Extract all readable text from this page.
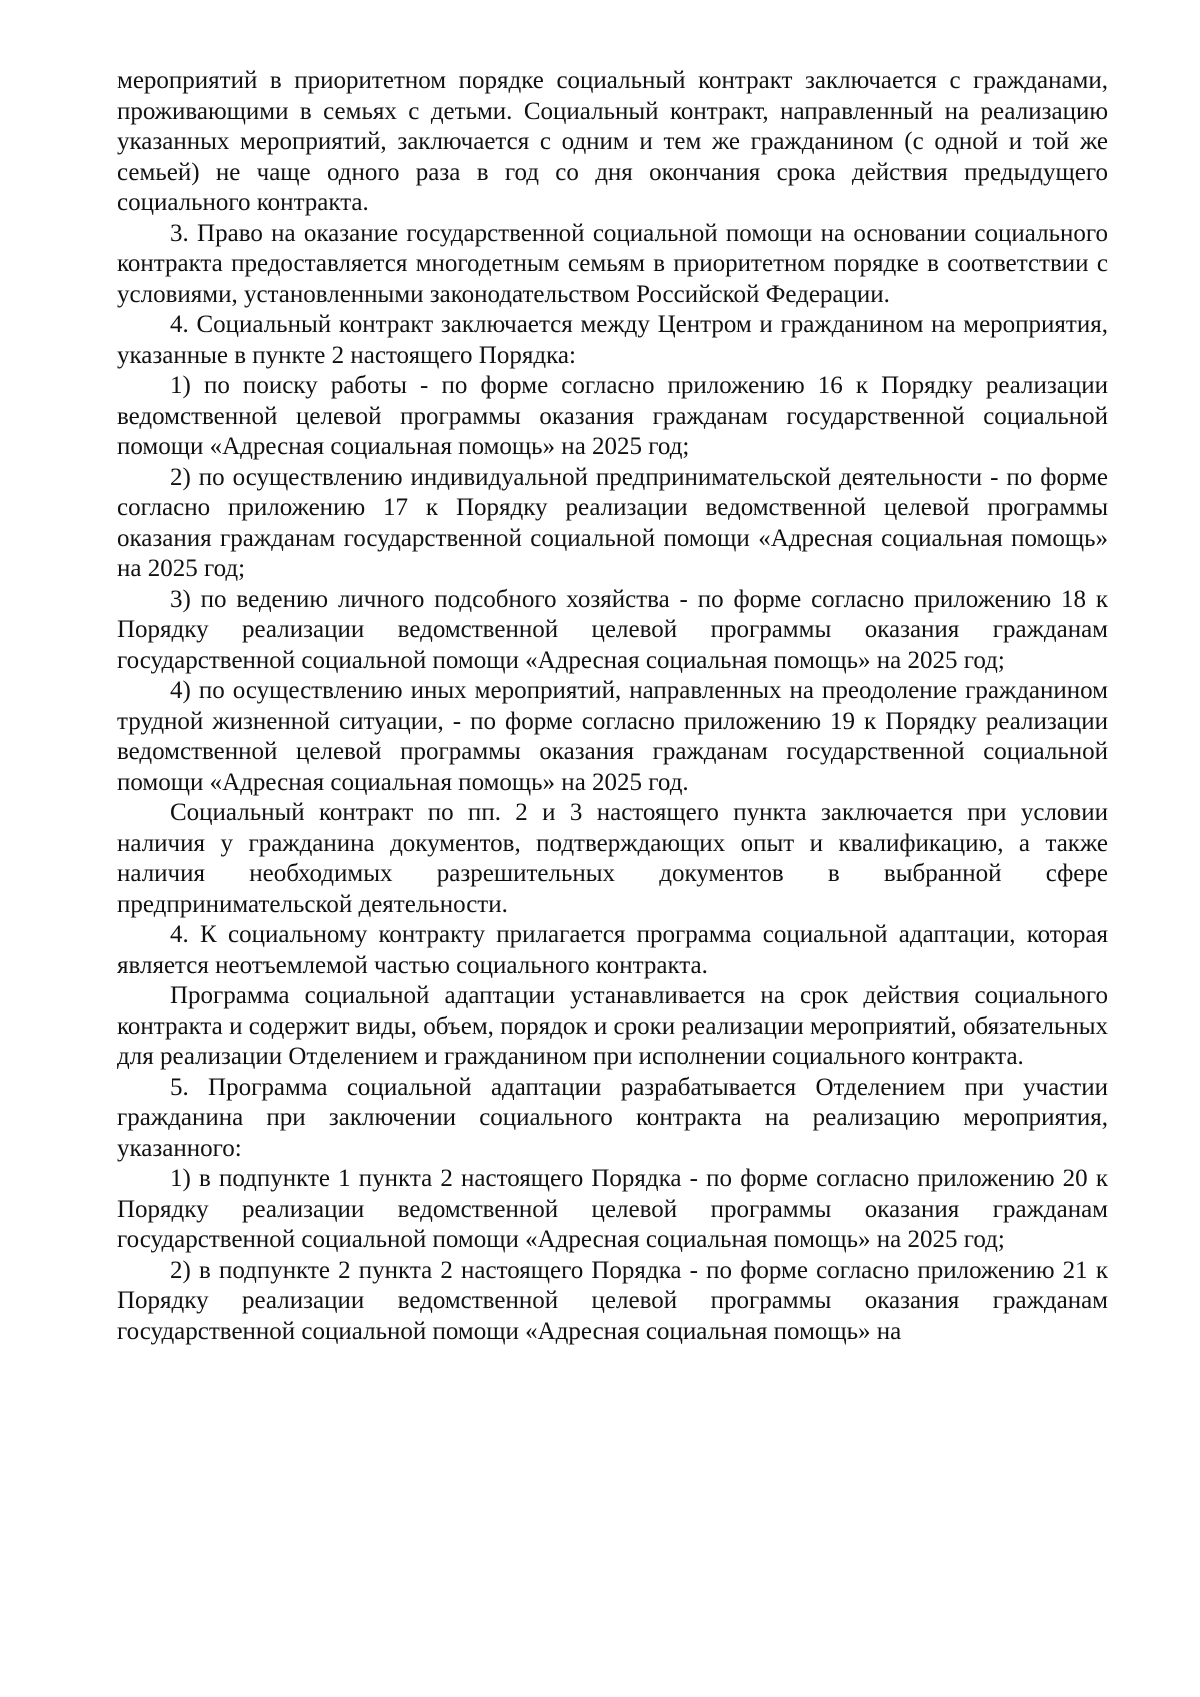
мероприятий в приоритетном порядке социальный контракт заключается с гражданами, проживающими в семьях с детьми. Социальный контракт, направленный на реализацию указанных мероприятий, заключается с одним и тем же гражданином (с одной и той же семьей) не чаще одного раза в год со дня окончания срока действия предыдущего социального контракта.

3. Право на оказание государственной социальной помощи на основании социального контракта предоставляется многодетным семьям в приоритетном порядке в соответствии с условиями, установленными законодательством Российской Федерации.

4. Социальный контракт заключается между Центром и гражданином на мероприятия, указанные в пункте 2 настоящего Порядка:

1) по поиску работы - по форме согласно приложению 16 к Порядку реализации ведомственной целевой программы оказания гражданам государственной социальной помощи «Адресная социальная помощь» на 2025 год;

2) по осуществлению индивидуальной предпринимательской деятельности - по форме согласно приложению 17 к Порядку реализации ведомственной целевой программы оказания гражданам государственной социальной помощи «Адресная социальная помощь» на 2025 год;

3) по ведению личного подсобного хозяйства - по форме согласно приложению 18 к Порядку реализации ведомственной целевой программы оказания гражданам государственной социальной помощи «Адресная социальная помощь» на 2025 год;

4) по осуществлению иных мероприятий, направленных на преодоление гражданином трудной жизненной ситуации, - по форме согласно приложению 19 к Порядку реализации ведомственной целевой программы оказания гражданам государственной социальной помощи «Адресная социальная помощь» на 2025 год.

Социальный контракт по пп. 2 и 3 настоящего пункта заключается при условии наличия у гражданина документов, подтверждающих опыт и квалификацию, а также наличия необходимых разрешительных документов в выбранной сфере предпринимательской деятельности.

4. К социальному контракту прилагается программа социальной адаптации, которая является неотъемлемой частью социального контракта.

Программа социальной адаптации устанавливается на срок действия социального контракта и содержит виды, объем, порядок и сроки реализации мероприятий, обязательных для реализации Отделением и гражданином при исполнении социального контракта.

5. Программа социальной адаптации разрабатывается Отделением при участии гражданина при заключении социального контракта на реализацию мероприятия, указанного:

1) в подпункте 1 пункта 2 настоящего Порядка - по форме согласно приложению 20 к Порядку реализации ведомственной целевой программы оказания гражданам государственной социальной помощи «Адресная социальная помощь» на 2025 год;

2) в подпункте 2 пункта 2 настоящего Порядка - по форме согласно приложению 21 к Порядку реализации ведомственной целевой программы оказания гражданам государственной социальной помощи «Адресная социальная помощь» на
